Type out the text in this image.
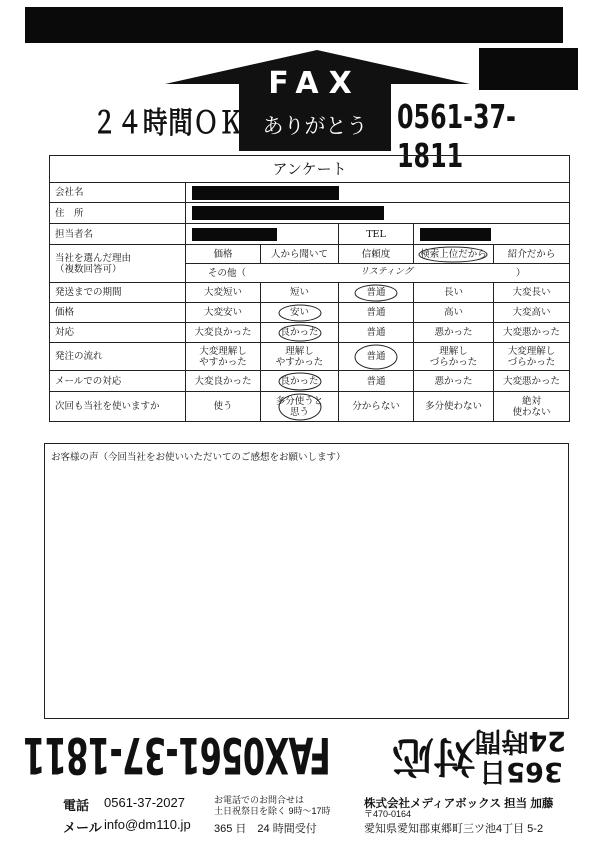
FAX
ありがとう
２４時間ＯＫ	0561-37-1811
アンケート					
会社名					
住　所					
担当者名			TEL		

当社を選んだ理由
（複数回答可）	価格	人から聞いて	信頼度	検索上位だから	紹介だから
	その他（ リスティング ）				

発送までの期間	大変短い	短い	普通	長い	大変長い
価格	大変安い	安い	普通	高い	大変高い
対応	大変良かった	良かった	普通	悪かった	大変悪かった
発注の流れ	大変理解し
やすかった	理解し
やすかった	普通	理解し
づらかった	大変理解し
づらかった
メールでの対応	大変良かった	良かった	普通	悪かった	大変悪かった
次回も当社を使いますか	使う	多分使うと
思う	分からない	多分使わない	絶対
使わない
お客様の声（今回当社をお使いいただいてのご感想をお願いします）
FAX0561-37-1811 対応 365日
24時間
電話 0561-37-2027
メール info@dm110.jp
お電話でのお問合せは
土日祝祭日を除く 9時〜17時
365 日　24 時間受付
株式会社メディアボックス 担当 加藤
〒470-0164
愛知県愛知郡東郷町三ツ池4丁目 5-2
